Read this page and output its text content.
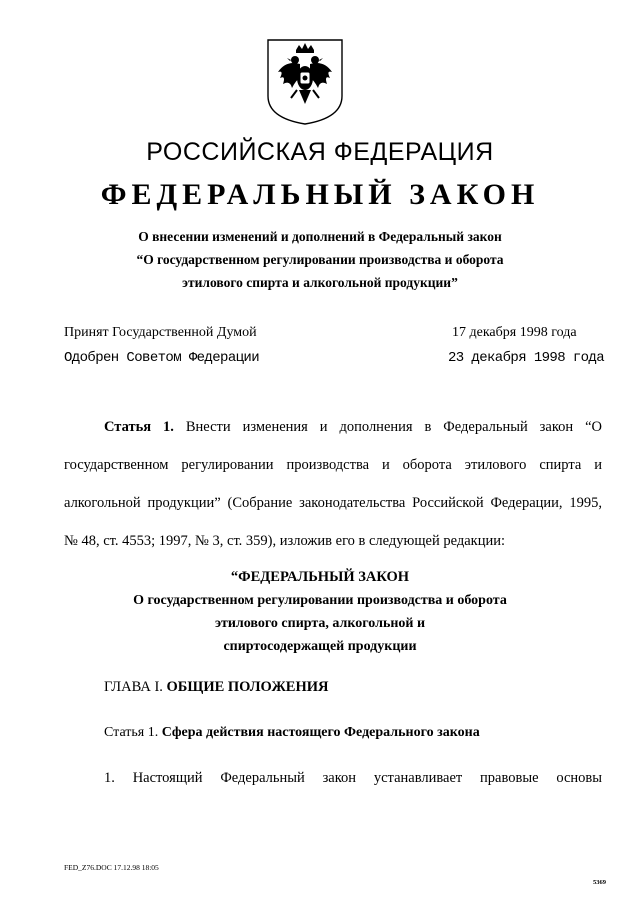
РОССИЙСКАЯ ФЕДЕРАЦИЯ
ФЕДЕРАЛЬНЫЙ ЗАКОН
О внесении изменений и дополнений в Федеральный закон
“О государственном регулировании производства и оборота
этилового спирта и алкогольной продукции”
Принят Государственной Думой	17 декабря 1998 года
Одобрен Советом Федерации	23 декабря 1998 года
Статья 1. Внести изменения и дополнения в Федеральный закон “О
государственном регулировании производства и оборота этилового спирта и
алкогольной продукции” (Собрание законодательства Российской Федерации, 1995,
№ 48, ст. 4553; 1997, № 3, ст. 359), изложив его в следующей редакции:
“ФЕДЕРАЛЬНЫЙ ЗАКОН
О государственном регулировании производства и оборота
этилового спирта, алкогольной и
спиртосодержащей продукции
ГЛАВА I. ОБЩИЕ ПОЛОЖЕНИЯ
Статья 1. Сфера действия настоящего Федерального закона
1. Настоящий Федеральный закон устанавливает правовые основы
FED_Z76.DOC 17.12.98 18:05
5369
